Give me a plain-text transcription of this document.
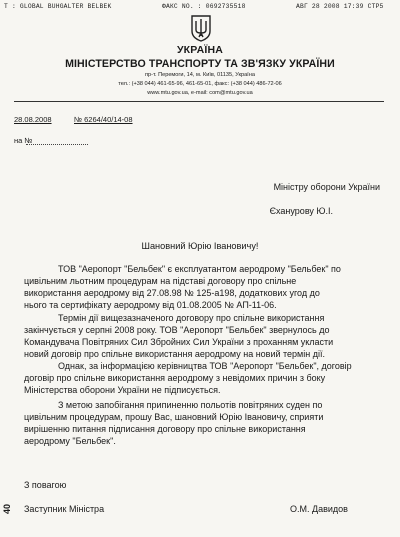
T : GLOBAL BUHGALTER BELBEK	ФАКС NO. : 0692735518	АВГ 28 2008 17:39 СТР5
УКРАЇНА
МІНІСТЕРСТВО ТРАНСПОРТУ ТА ЗВ'ЯЗКУ УКРАЇНИ
пр-т. Перемоги, 14, м. Київ, 01135, Україна
тел.: (+38 044) 461-65-96, 461-65-01, факс: (+38 044) 486-72-06
www.mtu.gov.ua, e-mail: com@mtu.gov.ua
28.08.2008	№ 6264/40/14-08
на №
Міністру оборони України
Єханурову Ю.І.
Шановний Юрію Івановичу!
ТОВ "Аеропорт "Бельбек" є експлуатантом аеродрому "Бельбек" по
цивільним льотним процедурам на підставі договору про спільне
використання аеродрому від 27.08.98 № 125-а198, додаткових угод до
нього та сертифікату аеродрому від 01.08.2005 № АП-11-06.
Термін дії вищезазначеного договору про спільне використання
закінчується у серпні 2008 року. ТОВ "Аеропорт "Бельбек" звернулось до
Командувача Повітряних Сил Збройних Сил України з проханням укласти
новий договір про спільне використання аеродрому на новий термін дії.
Однак, за інформацією керівництва ТОВ "Аеропорт "Бельбек", договір
договір про спільне використання аеродрому з невідомих причин з боку
Міністерства оборони України не підписується.
З метою запобігання припиненню польотів повітряних суден по
цивільним процедурам, прошу Вас, шановний Юрію Івановичу, сприяти
вирішенню питання підписання договору про спільне використання
аеродрому "Бельбек".
З повагою
Заступник Міністра	О.М. Давидов
40
